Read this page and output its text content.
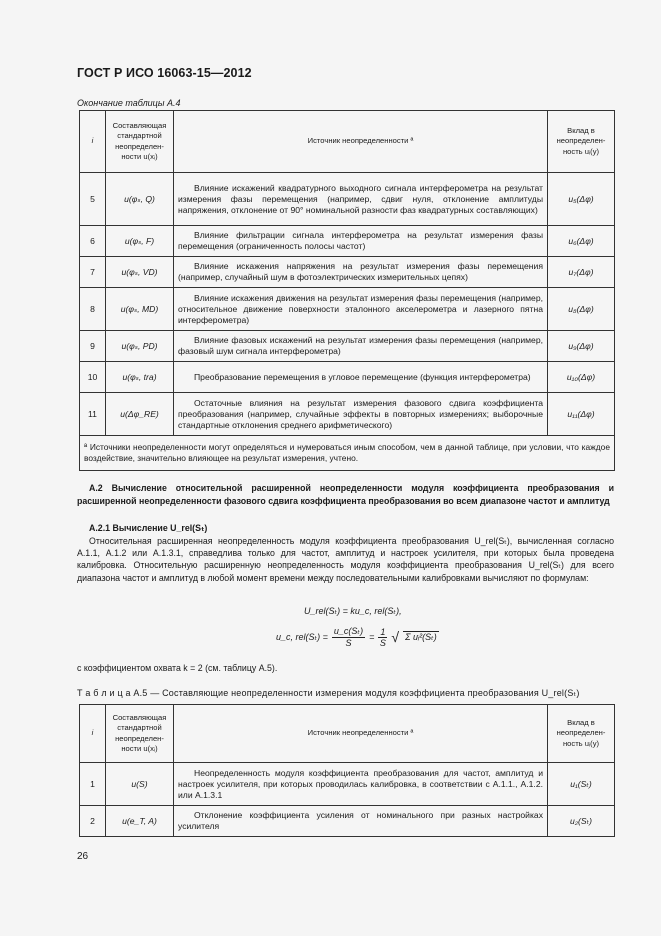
ГОСТ Р ИСО 16063-15—2012
Окончание таблицы А.4
i	Составляющая стандартной неопределен- ности u(xᵢ)	Источник неопределенности ª	Вклад в неопределен- ность uᵢ(y)
5	u(φₛ, Q)	Влияние искажений квадратурного выходного сигнала интерферометра на результат измерения фазы перемещения (например, сдвиг нуля, отклонение амплитуды напряжения, отклонение от 90° номинальной разности фаз квадратурных составляющих)	u₅(Δφ)
6	u(φₛ, F)	Влияние фильтрации сигнала интерферометра на результат измерения фазы перемещения (ограниченность полосы частот)	u₆(Δφ)
7	u(φₛ, VD)	Влияние искажения напряжения на результат измерения фазы перемещения (например, случайный шум в фотоэлектрических измерительных цепях)	u₇(Δφ)
8	u(φₛ, MD)	Влияние искажения движения на результат измерения фазы перемещения (например, относительное движение поверхности эталонного акселерометра и лазерного пятна интерферометра)	u₈(Δφ)
9	u(φₛ, PD)	Влияние фазовых искажений на результат измерения фазы перемещения (например, фазовый шум сигнала интерферометра)	u₉(Δφ)
10	u(φₛ, tra)	Преобразование перемещения в угловое перемещение (функция интерферометра)	u₁₀(Δφ)
11	u(Δφ_RE)	Остаточные влияния на результат измерения фазового сдвига коэффициента преобразования (например, случайные эффекты в повторных измерениях; выборочные стандартные отклонения среднего арифметического)	u₁₁(Δφ)
ª Источники неопределенности могут определяться и нумероваться иным способом, чем в данной таблице, при условии, что каждое воздействие, значительно влияющее на результат измерения, учтено.			
А.2 Вычисление относительной расширенной неопределенности модуля коэффициента преобразования и расширенной неопределенности фазового сдвига коэффициента преобразования во всем диапазоне частот и амплитуд
А.2.1 Вычисление U_rel(Sₜ)
Относительная расширенная неопределенность модуля коэффициента преобразования U_rel(Sₜ), вычисленная согласно А.1.1, А.1.2 или А.1.3.1, справедлива только для частот, амплитуд и настроек усилителя, при которых была проведена калибровка. Относительную расширенную неопределенность модуля коэффициента преобразования U_rel(Sₜ) для всего диапазона частот и амплитуд в любой момент времени между последовательными калибровками вычисляют по формулам:
U_rel(Sₜ) = ku_c, rel(Sₜ),
u_c, $rel(S_t) = \frac{\text{u\_c(Sₜ)}}{S} = \frac{1}{S}$ √ Σ uᵢ²(Sₜ)
с коэффициентом охвата k = 2 (см. таблицу А.5).
Т а б л и ц а А.5 — Составляющие неопределенности измерения модуля коэффициента преобразования U_rel(Sₜ)
i	Составляющая стандартной неопределен- ности u(xᵢ)	Источник неопределенности ª	Вклад в неопределен- ность uᵢ(y)
1	u(S)	Неопределенность модуля коэффициента преобразования для частот, амплитуд и настроек усилителя, при которых проводилась калибровка, в соответствии с А.1.1., А.1.2. или А.1.3.1	u₁(Sₜ)
2	u(e_T, A)	Отклонение коэффициента усиления от номинального при разных настройках усилителя	u₂(Sₜ)
26
